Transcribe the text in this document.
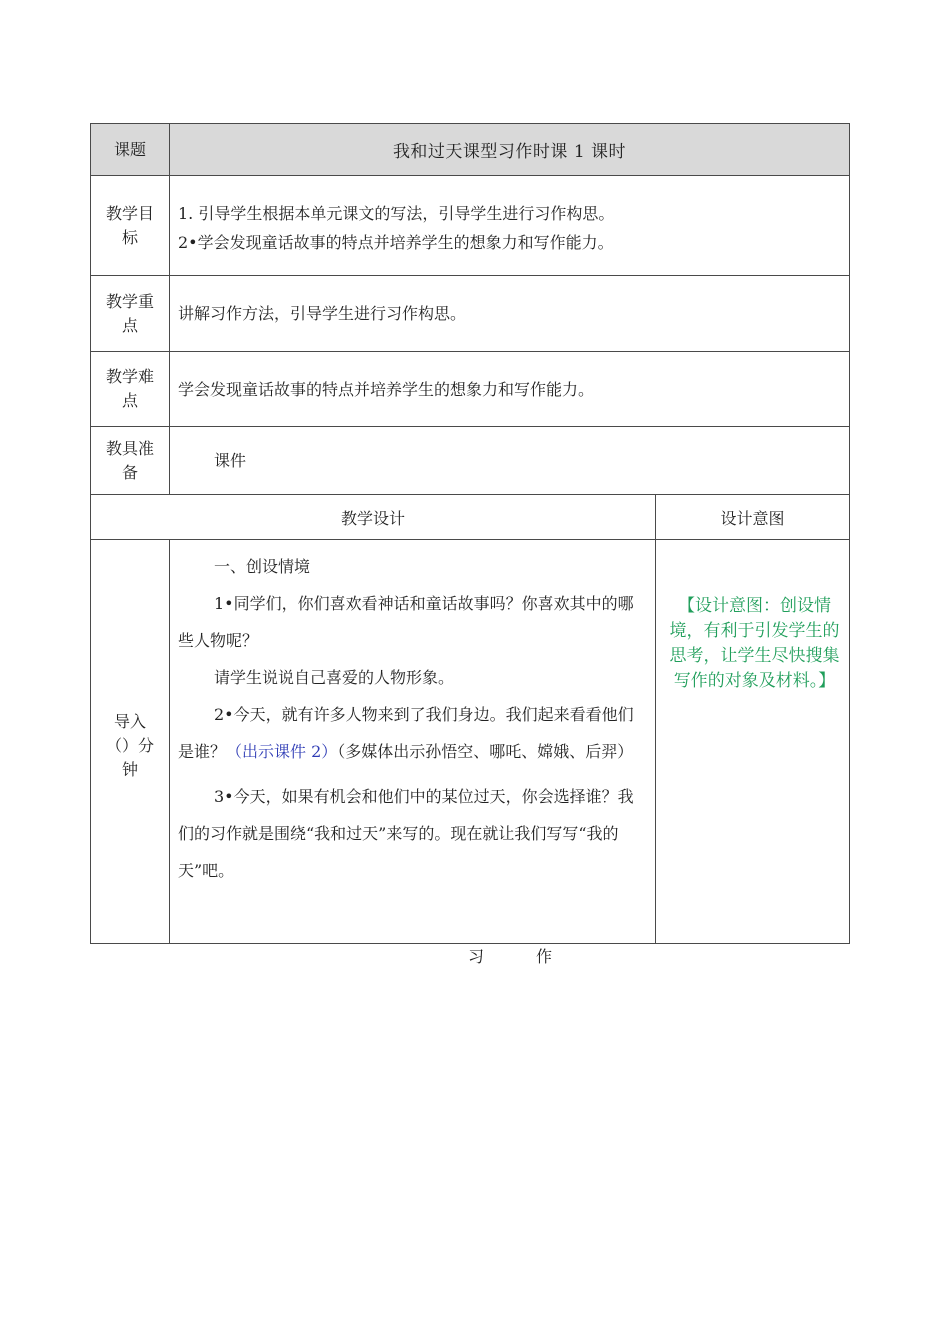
课题	我和过天课型习作时课 1 课时	
教学目标	1. 引导学生根据本单元课文的写法，引导学生进行习作构思。
2•学会发现童话故事的特点并培养学生的想象力和写作能力。	

教学重点	讲解习作方法，引导学生进行习作构思。	
教学难点	学会发现童话故事的特点并培养学生的想象力和写作能力。	
教具准备	课件	
教学设计		设计意图
导入（）分钟	一、创设情境
1•同学们，你们喜欢看神话和童话故事吗？你喜欢其中的哪些人物呢？
请学生说说自己喜爱的人物形象。
2•今天，就有许多人物来到了我们身边。我们起来看看他们是谁？（出示课件 2）（多媒体出示孙悟空、哪吒、嫦娥、后羿）
3•今天，如果有机会和他们中的某位过天，你会选择谁？我们的习作就是围绕“我和过天”来写的。现在就让我们写写“我的天”吧。	【设计意图：创设情境，有利于引发学生的思考，让学生尽快搜集写作的对象及材料。】
习	作
